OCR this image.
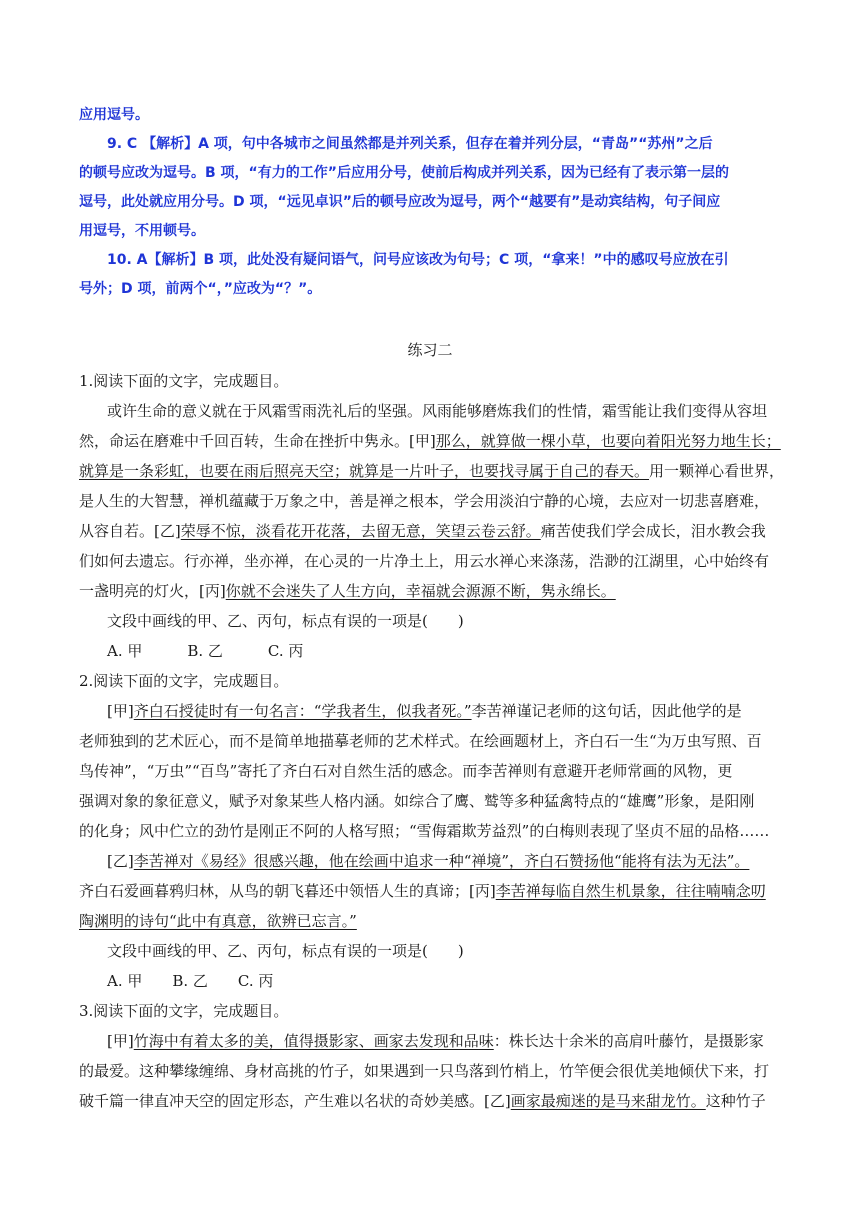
应用逗号。
9. C 【解析】A 项，句中各城市之间虽然都是并列关系，但存在着并列分层，“青岛”“苏州”之后
的顿号应改为逗号。B 项，“有力的工作”后应用分号，使前后构成并列关系，因为已经有了表示第一层的
逗号，此处就应用分号。D 项，“远见卓识”后的顿号应改为逗号，两个“越要有”是动宾结构，句子间应
用逗号，不用顿号。
10. A【解析】B 项，此处没有疑问语气，问号应该改为句号；C 项，“拿来！”中的感叹号应放在引
号外；D 项，前两个“，”应改为“？”。
练习二
1.阅读下面的文字，完成题目。
或许生命的意义就在于风霜雪雨洗礼后的坚强。风雨能够磨炼我们的性情，霜雪能让我们变得从容坦
然，命运在磨难中千回百转，生命在挫折中隽永。[甲]那么，就算做一棵小草，也要向着阳光努力地生长；
就算是一条彩虹，也要在雨后照亮天空；就算是一片叶子，也要找寻属于自己的春天。用一颗禅心看世界，
是人生的大智慧，禅机蕴藏于万象之中，善是禅之根本，学会用淡泊宁静的心境，去应对一切悲喜磨难，
从容自若。[乙]荣辱不惊，淡看花开花落，去留无意，笑望云卷云舒。痛苦使我们学会成长，泪水教会我
们如何去遗忘。行亦禅，坐亦禅，在心灵的一片净土上，用云水禅心来涤荡，浩渺的江湖里，心中始终有
一盏明亮的灯火，[丙]你就不会迷失了人生方向，幸福就会源源不断，隽永绵长。
文段中画线的甲、乙、丙句，标点有误的一项是(　　)
A. 甲　　　B. 乙　　　C. 丙
2.阅读下面的文字，完成题目。
[甲]齐白石授徒时有一句名言：“学我者生，似我者死。”李苦禅谨记老师的这句话，因此他学的是
老师独到的艺术匠心，而不是简单地描摹老师的艺术样式。在绘画题材上，齐白石一生“为万虫写照、百
鸟传神”，“万虫”“百鸟”寄托了齐白石对自然生活的感念。而李苦禅则有意避开老师常画的风物，更
强调对象的象征意义，赋予对象某些人格内涵。如综合了鹰、鹫等多种猛禽特点的“雄鹰”形象，是阳刚
的化身；风中伫立的劲竹是刚正不阿的人格写照；“雪侮霜欺芳益烈”的白梅则表现了坚贞不屈的品格……
[乙]李苦禅对《易经》很感兴趣，他在绘画中追求一种“禅境”，齐白石赞扬他“能将有法为无法”。
齐白石爱画暮鸦归林，从鸟的朝飞暮还中领悟人生的真谛；[丙]李苦禅每临自然生机景象，往往喃喃念叨
陶渊明的诗句“此中有真意，欲辨已忘言。”
文段中画线的甲、乙、丙句，标点有误的一项是(　　)
A. 甲　　B. 乙　　C. 丙
3.阅读下面的文字，完成题目。
[甲]竹海中有着太多的美，值得摄影家、画家去发现和品味：株长达十余米的高肩叶藤竹，是摄影家
的最爱。这种攀缘缠绵、身材高挑的竹子，如果遇到一只鸟落到竹梢上，竹竿便会很优美地倾伏下来，打
破千篇一律直冲天空的固定形态，产生难以名状的奇妙美感。[乙]画家最痴迷的是马来甜龙竹。这种竹子
